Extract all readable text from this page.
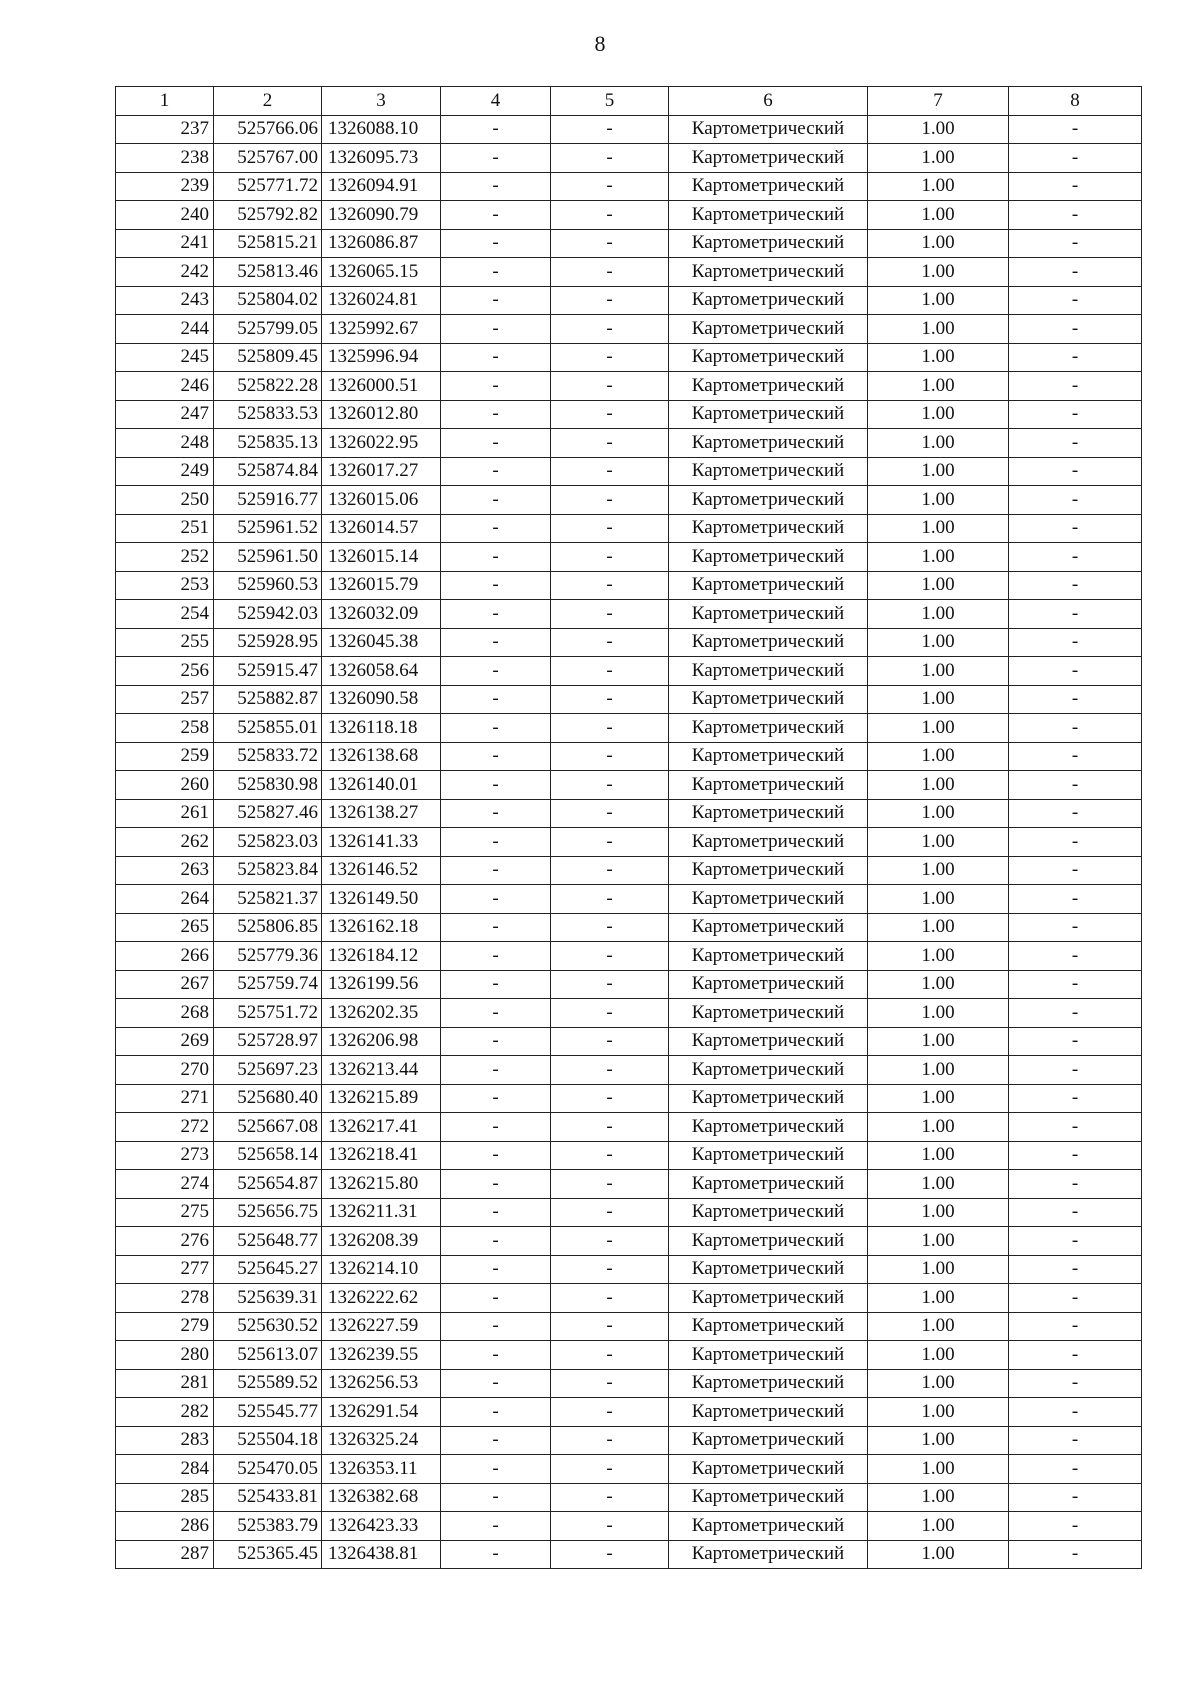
8
1	2	3	4	5	6	7	8
237	525766.06	1326088.10	-	-	Картометрический	1.00	-
238	525767.00	1326095.73	-	-	Картометрический	1.00	-
239	525771.72	1326094.91	-	-	Картометрический	1.00	-
240	525792.82	1326090.79	-	-	Картометрический	1.00	-
241	525815.21	1326086.87	-	-	Картометрический	1.00	-
242	525813.46	1326065.15	-	-	Картометрический	1.00	-
243	525804.02	1326024.81	-	-	Картометрический	1.00	-
244	525799.05	1325992.67	-	-	Картометрический	1.00	-
245	525809.45	1325996.94	-	-	Картометрический	1.00	-
246	525822.28	1326000.51	-	-	Картометрический	1.00	-
247	525833.53	1326012.80	-	-	Картометрический	1.00	-
248	525835.13	1326022.95	-	-	Картометрический	1.00	-
249	525874.84	1326017.27	-	-	Картометрический	1.00	-
250	525916.77	1326015.06	-	-	Картометрический	1.00	-
251	525961.52	1326014.57	-	-	Картометрический	1.00	-
252	525961.50	1326015.14	-	-	Картометрический	1.00	-
253	525960.53	1326015.79	-	-	Картометрический	1.00	-
254	525942.03	1326032.09	-	-	Картометрический	1.00	-
255	525928.95	1326045.38	-	-	Картометрический	1.00	-
256	525915.47	1326058.64	-	-	Картометрический	1.00	-
257	525882.87	1326090.58	-	-	Картометрический	1.00	-
258	525855.01	1326118.18	-	-	Картометрический	1.00	-
259	525833.72	1326138.68	-	-	Картометрический	1.00	-
260	525830.98	1326140.01	-	-	Картометрический	1.00	-
261	525827.46	1326138.27	-	-	Картометрический	1.00	-
262	525823.03	1326141.33	-	-	Картометрический	1.00	-
263	525823.84	1326146.52	-	-	Картометрический	1.00	-
264	525821.37	1326149.50	-	-	Картометрический	1.00	-
265	525806.85	1326162.18	-	-	Картометрический	1.00	-
266	525779.36	1326184.12	-	-	Картометрический	1.00	-
267	525759.74	1326199.56	-	-	Картометрический	1.00	-
268	525751.72	1326202.35	-	-	Картометрический	1.00	-
269	525728.97	1326206.98	-	-	Картометрический	1.00	-
270	525697.23	1326213.44	-	-	Картометрический	1.00	-
271	525680.40	1326215.89	-	-	Картометрический	1.00	-
272	525667.08	1326217.41	-	-	Картометрический	1.00	-
273	525658.14	1326218.41	-	-	Картометрический	1.00	-
274	525654.87	1326215.80	-	-	Картометрический	1.00	-
275	525656.75	1326211.31	-	-	Картометрический	1.00	-
276	525648.77	1326208.39	-	-	Картометрический	1.00	-
277	525645.27	1326214.10	-	-	Картометрический	1.00	-
278	525639.31	1326222.62	-	-	Картометрический	1.00	-
279	525630.52	1326227.59	-	-	Картометрический	1.00	-
280	525613.07	1326239.55	-	-	Картометрический	1.00	-
281	525589.52	1326256.53	-	-	Картометрический	1.00	-
282	525545.77	1326291.54	-	-	Картометрический	1.00	-
283	525504.18	1326325.24	-	-	Картометрический	1.00	-
284	525470.05	1326353.11	-	-	Картометрический	1.00	-
285	525433.81	1326382.68	-	-	Картометрический	1.00	-
286	525383.79	1326423.33	-	-	Картометрический	1.00	-
287	525365.45	1326438.81	-	-	Картометрический	1.00	-
